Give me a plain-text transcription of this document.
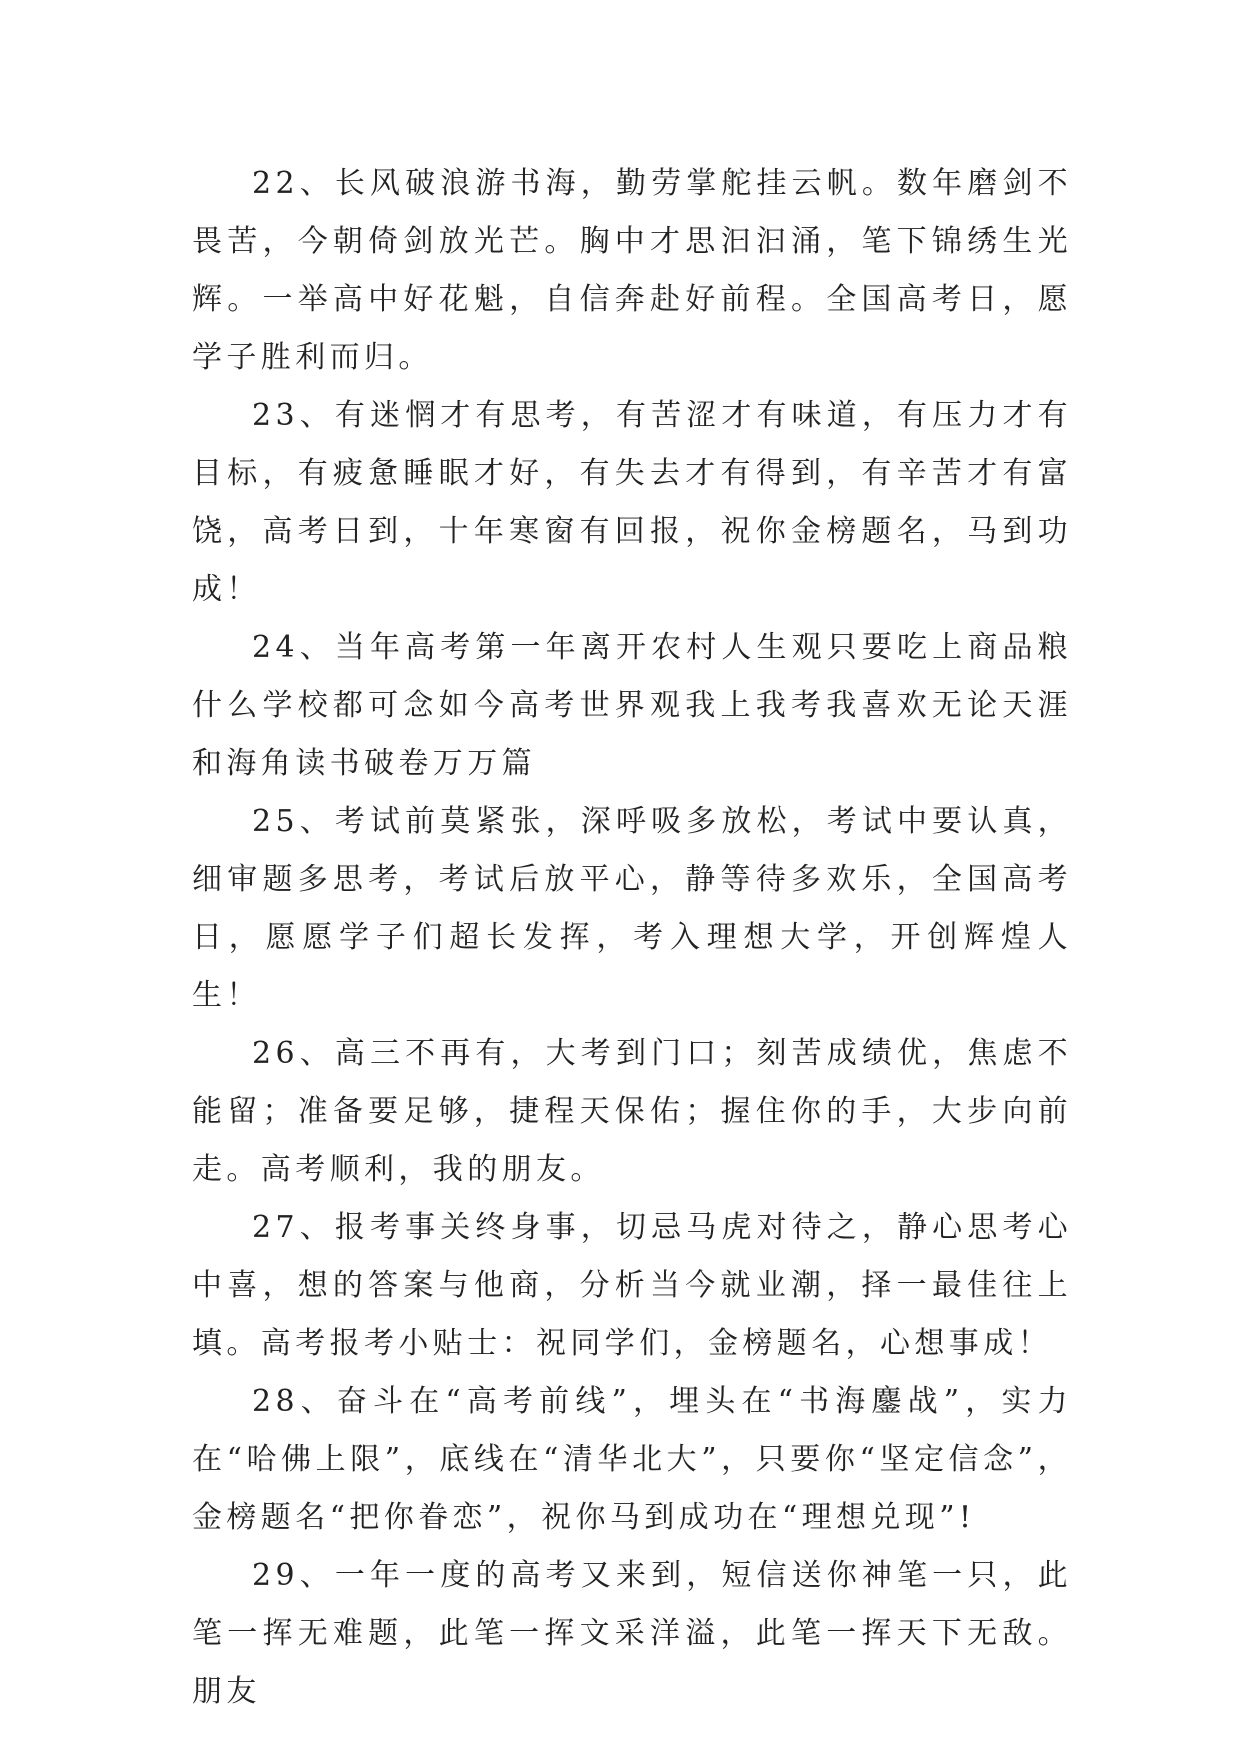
22、长风破浪游书海，勤劳掌舵挂云帆。数年磨剑不畏苦，今朝倚剑放光芒。胸中才思汩汩涌，笔下锦绣生光辉。一举高中好花魁，自信奔赴好前程。全国高考日，愿学子胜利而归。

23、有迷惘才有思考，有苦涩才有味道，有压力才有目标，有疲惫睡眠才好，有失去才有得到，有辛苦才有富饶，高考日到，十年寒窗有回报，祝你金榜题名，马到功成！

24、当年高考第一年离开农村人生观只要吃上商品粮什么学校都可念如今高考世界观我上我考我喜欢无论天涯和海角读书破卷万万篇

25、考试前莫紧张，深呼吸多放松，考试中要认真，细审题多思考，考试后放平心，静等待多欢乐，全国高考日，愿愿学子们超长发挥，考入理想大学，开创辉煌人生！

26、高三不再有，大考到门口；刻苦成绩优，焦虑不能留；准备要足够，捷程天保佑；握住你的手，大步向前走。高考顺利，我的朋友。

27、报考事关终身事，切忌马虎对待之，静心思考心中喜，想的答案与他商，分析当今就业潮，择一最佳往上填。高考报考小贴士：祝同学们，金榜题名，心想事成！

28、奋斗在“高考前线”，埋头在“书海鏖战”，实力在“哈佛上限”，底线在“清华北大”，只要你“坚定信念”，金榜题名“把你眷恋”，祝你马到成功在“理想兑现”!

29、一年一度的高考又来到，短信送你神笔一只，此笔一挥无难题，此笔一挥文采洋溢，此笔一挥天下无敌。朋友
